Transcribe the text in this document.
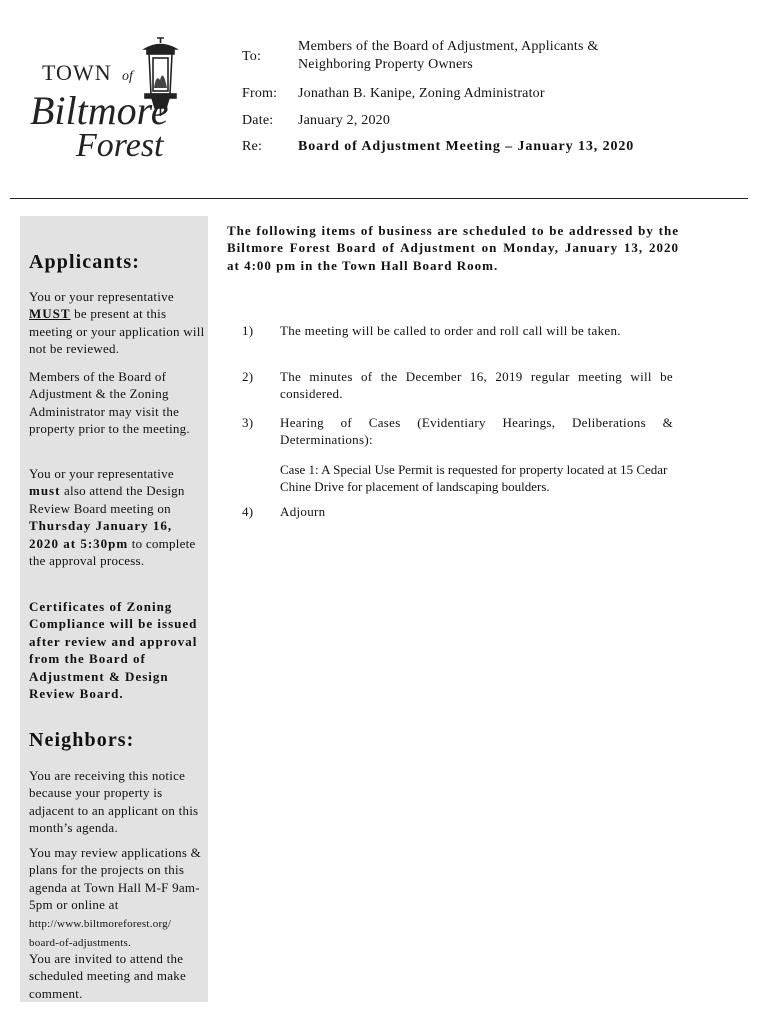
TOWN of
Biltmore
Forest
To:
Members of the Board of Adjustment, Applicants &
Neighboring Property Owners
From: Jonathan B. Kanipe, Zoning Administrator
Date: January 2, 2020
Re:	Board of Adjustment Meeting – January 13, 2020
Applicants:
You or your representative MUST be present at this meeting or your application will not be reviewed.
Members of the Board of Adjustment & the Zoning Administrator may visit the property prior to the meeting.
You or your representative must also attend the Design Review Board meeting on Thursday January 16, 2020 at 5:30pm to complete the approval process.
Certificates of Zoning Compliance will be issued after review and approval from the Board of Adjustment & Design Review Board.
Neighbors:
You are receiving this notice because your property is adjacent to an applicant on this month’s agenda.
You may review applications & plans for the projects on this agenda at Town Hall M-F 9am-5pm or online at
http://www.biltmoreforest.org/
board-of-adjustments.
You are invited to attend the scheduled meeting and make comment.
The following items of business are scheduled to be addressed by the Biltmore Forest Board of Adjustment on Monday, January 13, 2020 at 4:00 pm in the Town Hall Board Room.
1) The meeting will be called to order and roll call will be taken.
2) The minutes of the December 16, 2019 regular meeting will be considered.
3) Hearing of Cases (Evidentiary Hearings, Deliberations & Determinations):
Case 1: A Special Use Permit is requested for property located at 15 Cedar Chine Drive for placement of landscaping boulders.
4) Adjourn
